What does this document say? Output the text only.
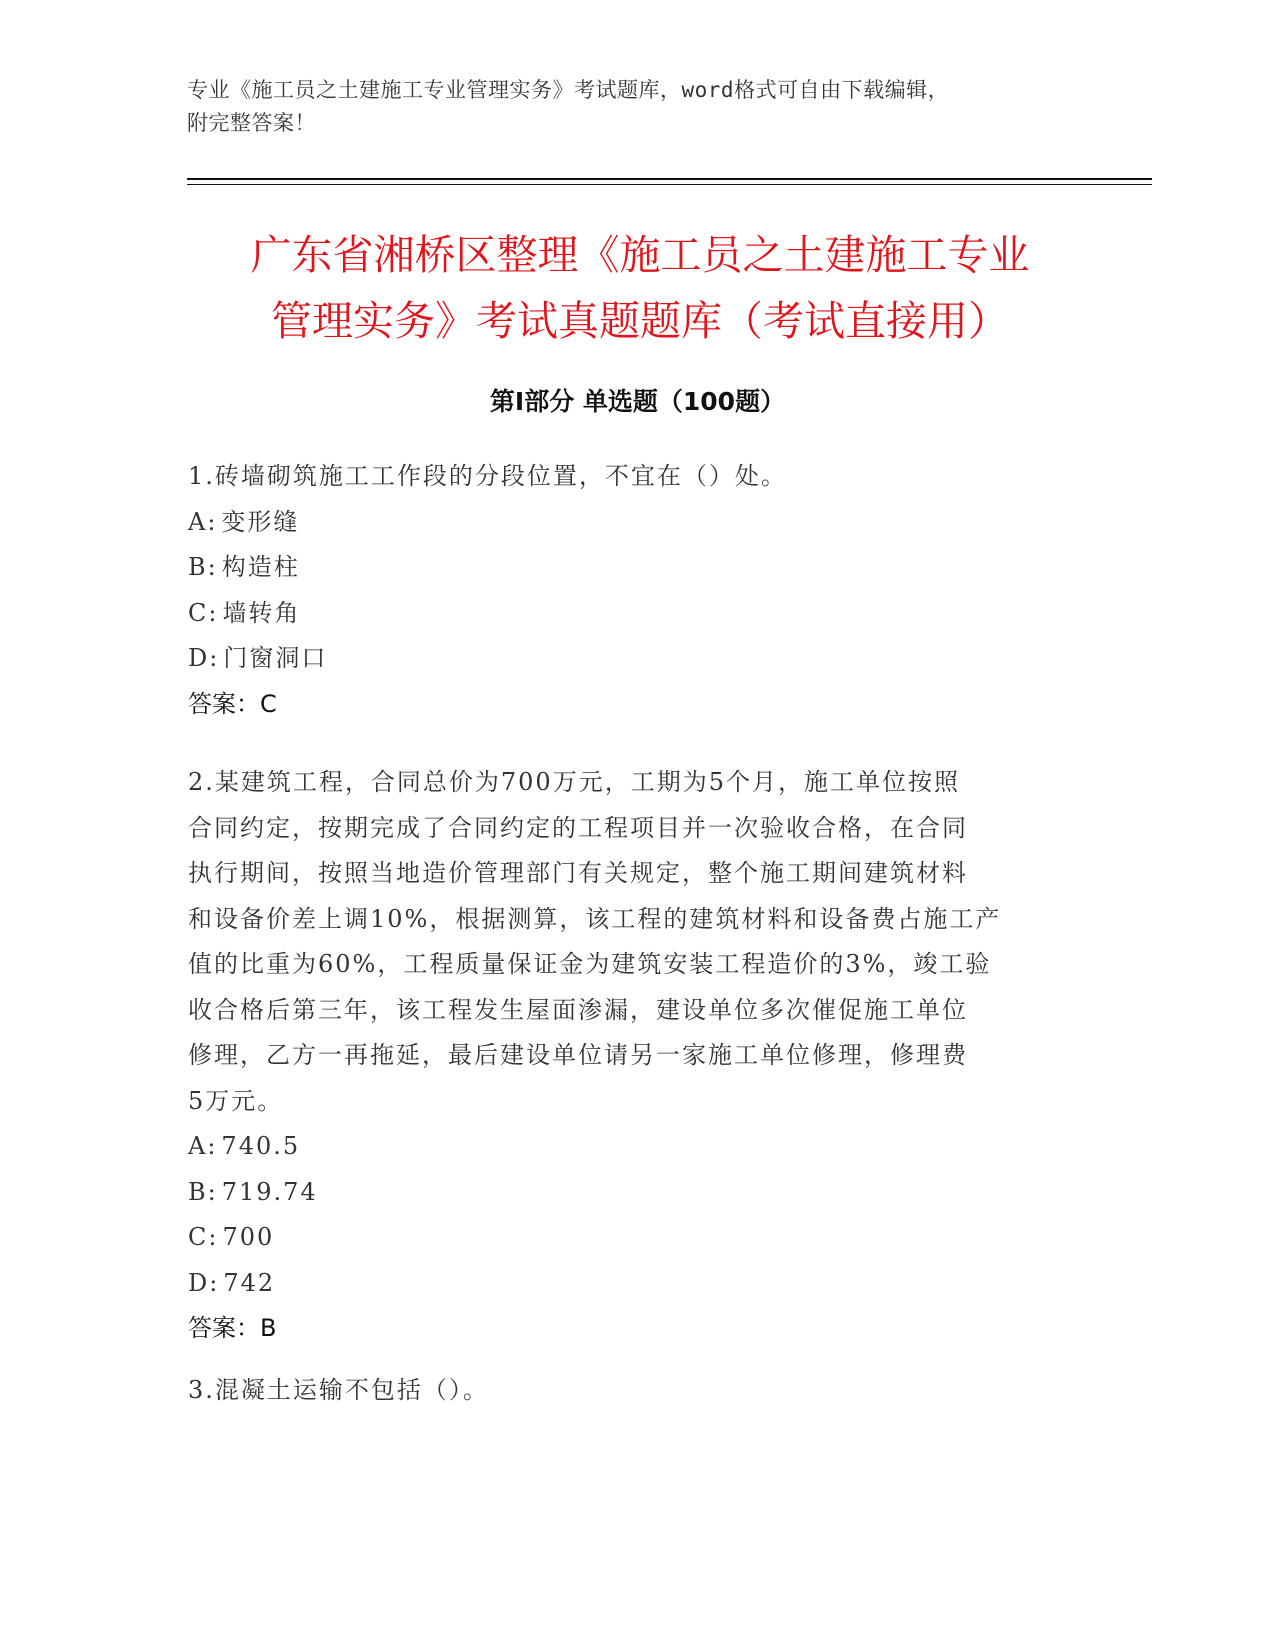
专业《施工员之土建施工专业管理实务》考试题库，word格式可自由下载编辑，
附完整答案！
广东省湘桥区整理《施工员之土建施工专业
管理实务》考试真题题库（考试直接用）
第Ⅰ部分 单选题（100题）

1.砖墙砌筑施工工作段的分段位置，不宜在（）处。

A: 变形缝

B: 构造柱

C: 墙转角

D: 门窗洞口

答案：C

2.某建筑工程，合同总价为700万元，工期为5个月，施工单位按照

合同约定，按期完成了合同约定的工程项目并一次验收合格，在合同

执行期间，按照当地造价管理部门有关规定，整个施工期间建筑材料

和设备价差上调10%，根据测算，该工程的建筑材料和设备费占施工产

值的比重为60%，工程质量保证金为建筑安装工程造价的3%，竣工验

收合格后第三年，该工程发生屋面渗漏，建设单位多次催促施工单位

修理，乙方一再拖延，最后建设单位请另一家施工单位修理，修理费

5万元。

A: 740.5

B: 719.74

C: 700

D: 742

答案：B

3.混凝土运输不包括（）。
